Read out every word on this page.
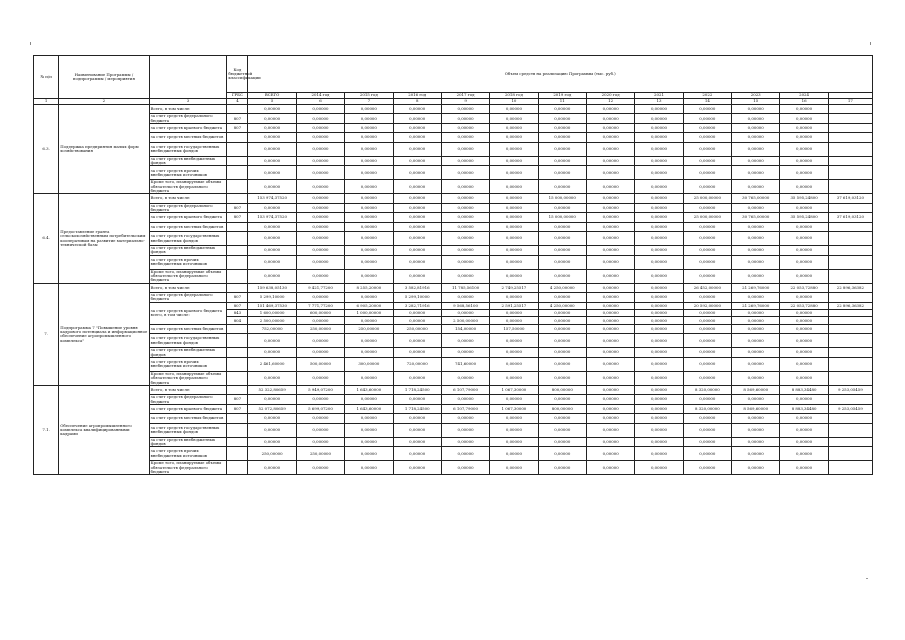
№ п/п	Наименование Программы / подпрограммы / мероприятия		Код бюджетной классификации	Объем средств на реализацию Программы (тыс. руб.)												
			ГРБС	ВСЕГО	2014 год	2015 год	2016 год	2017 год	2018 год	2019 год	2020 год	2021	2022	2023	2024	
1	2	3	4	5	6	7	8	9	10	11	12	13	14	15	16	17
6.3.	Поддержка предприятия малых форм хозяйствования	Всего, в том числе:		0,00000	0,00000	0,00000	0,00000	0,00000	0,00000	0,00000	0,00000	0,00000	0,00000	0,00000	0,00000	
		за счет средств федерального бюджета	807	0,00000	0,00000	0,00000	0,00000	0,00000	0,00000	0,00000	0,00000	0,00000	0,00000	0,00000	0,00000	
		за счет средств краевого бюджета	807	0,00000	0,00000	0,00000	0,00000	0,00000	0,00000	0,00000	0,00000	0,00000	0,00000	0,00000	0,00000	
		за счет средств местных бюджетов		0,00000	0,00000	0,00000	0,00000	0,00000	0,00000	0,00000	0,00000	0,00000	0,00000	0,00000	0,00000	
		за счет средств государственных внебюджетных фондов		0,00000	0,00000	0,00000	0,00000	0,00000	0,00000	0,00000	0,00000	0,00000	0,00000	0,00000	0,00000	
		за счет средств внебюджетных фондов		0,00000	0,00000	0,00000	0,00000	0,00000	0,00000	0,00000	0,00000	0,00000	0,00000	0,00000	0,00000	
		за счет средств прочих внебюджетных источников		0,00000	0,00000	0,00000	0,00000	0,00000	0,00000	0,00000	0,00000	0,00000	0,00000	0,00000	0,00000	
		Кроме того, планируемые объемы обязательств федерального бюджета		0,00000	0,00000	0,00000	0,00000	0,00000	0,00000	0,00000	0,00000	0,00000	0,00000	0,00000	0,00000	
6.4.	Предоставление гранта сельскохозяйственным потребительским кооперативам на развитие материально-технической базы	Всего, в том числе:		153 974,37520	0,00000	0,00000	0,00000	0,00000	0,00000	15 000,00000	0,00000	0,00000	25 000,00000	30 765,00000	35 595,24800	37 619,03120
		за счет средств федерального бюджета	807	0,00000	0,00000	0,00000	0,00000	0,00000	0,00000	0,00000	0,00000	0,00000	0,00000	0,00000	0,00000	
		за счет средств краевого бюджета	807	153 974,37520	0,00000	0,00000	0,00000	0,00000	0,00000	15 000,00000	0,00000	0,00000	25 000,00000	30 765,00000	35 595,24800	37 619,03120
		за счет средств местных бюджетов		0,00000	0,00000	0,00000	0,00000	0,00000	0,00000	0,00000	0,00000	0,00000	0,00000	0,00000	0,00000	
		за счет средств государственных внебюджетных фондов		0,00000	0,00000	0,00000	0,00000	0,00000	0,00000	0,00000	0,00000	0,00000	0,00000	0,00000	0,00000	
		за счет средств внебюджетных фондов		0,00000	0,00000	0,00000	0,00000	0,00000	0,00000	0,00000	0,00000	0,00000	0,00000	0,00000	0,00000	
		за счет средств прочих внебюджетных источников		0,00000	0,00000	0,00000	0,00000	0,00000	0,00000	0,00000	0,00000	0,00000	0,00000	0,00000	0,00000	
		Кроме того, планируемые объемы обязательств федерального бюджета		0,00000	0,00000	0,00000	0,00000	0,00000	0,00000	0,00000	0,00000	0,00000	0,00000	0,00000	0,00000	
7.	Подпрограмма 7 "Повышение уровня кадрового потенциала и информационное обеспечение агропромышленного комплекса"	Всего, в том числе:		159 638,05130	9 421,77200	8 255,20000	3 582,81916	11 785,56100	2 749,25517	4 250,00000	0,00000	0,00000	26 452,00000	21 269,76000	22 053,72880	22 896,36382
		за счет средств федерального бюджета	807	5 299,10000	0,00000	0,00000	5 299,10000	0,00000	0,00000	0,00000	0,00000	0,00000	0,00000	0,00000	0,00000	
		за счет средств краевого бюджета всего, в том числе:	807	151 469,37530	7 771,77200	6 905,20000	3 282,71916	9 568,56100	2 591,25517	4 250,00000	0,00000	0,00000	20 592,00000	21 269,76000	22 053,72880	22 896,36382
			843	1 600,00000	600,00000	1 000,00000	0,00000	0,00000	0,00000	0,00000	0,00000	0,00000	0,00000	0,00000	0,00000	
			804	2 500,00000	0,00000	0,00000	0,00000	2 500,00000	0,00000	0,00000	0,00000	0,00000	0,00000	0,00000	0,00000	
		за счет средств местных бюджетов		752,00000	250,00000	250,00000	250,00000	154,00000	157,50000	0,00000	0,00000	0,00000	0,00000	0,00000	0,00000	
		за счет средств государственных внебюджетных фондов		0,00000	0,00000	0,00000	0,00000	0,00000	0,00000	0,00000	0,00000	0,00000	0,00000	0,00000	0,00000	
		за счет средств внебюджетных фондов		0,00000	0,00000	0,00000	0,00000	0,00000	0,00000	0,00000	0,00000	0,00000	0,00000	0,00000	0,00000	
		за счет средств прочих внебюджетных источников		2 461,60000	500,00000	300,00000	720,00000	741,60000	0,00000	0,00000	0,00000	0,00000	0,00000	0,00000	0,00000	
		Кроме того, планируемые объемы обязательств федерального бюджета		0,00000	0,00000	0,00000	0,00000	0,00000	0,00000	0,00000	0,00000	0,00000	0,00000	0,00000	0,00000	
7.1.	Обеспечение агропромышленного комплекса квалифицированными кадрами	Всего, в том числе:		52 322,80659	5 949,07200	1 643,60000	1 718,24500	6 107,79000	1 067,30000	800,00000	0,00000	0,00000	8 320,00000	8 569,60000	8 883,34480	9 253,05459
		за счет средств федерального бюджета	807	0,00000	0,00000	0,00000	0,00000	0,00000	0,00000	0,00000	0,00000	0,00000	0,00000	0,00000	0,00000	
		за счет средств краевого бюджета	807	52 072,80659	5 699,07200	1 643,60000	1 718,24500	6 107,79000	1 067,30000	800,00000	0,00000	0,00000	8 320,00000	8 569,60000	8 883,34480	9 253,05459
		за счет средств местных бюджетов		0,00000	0,00000	0,00000	0,00000	0,00000	0,00000	0,00000	0,00000	0,00000	0,00000	0,00000	0,00000	
		за счет средств государственных внебюджетных фондов		0,00000	0,00000	0,00000	0,00000	0,00000	0,00000	0,00000	0,00000	0,00000	0,00000	0,00000	0,00000	
		за счет средств внебюджетных фондов		0,00000	0,00000	0,00000	0,00000	0,00000	0,00000	0,00000	0,00000	0,00000	0,00000	0,00000	0,00000	
		за счет средств прочих внебюджетных источников		250,00000	250,00000	0,00000	0,00000	0,00000	0,00000	0,00000	0,00000	0,00000	0,00000	0,00000	0,00000	
		Кроме того, планируемые объемы обязательств федерального бюджета		0,00000	0,00000	0,00000	0,00000	0,00000	0,00000	0,00000	0,00000	0,00000	0,00000	0,00000	0,00000	
